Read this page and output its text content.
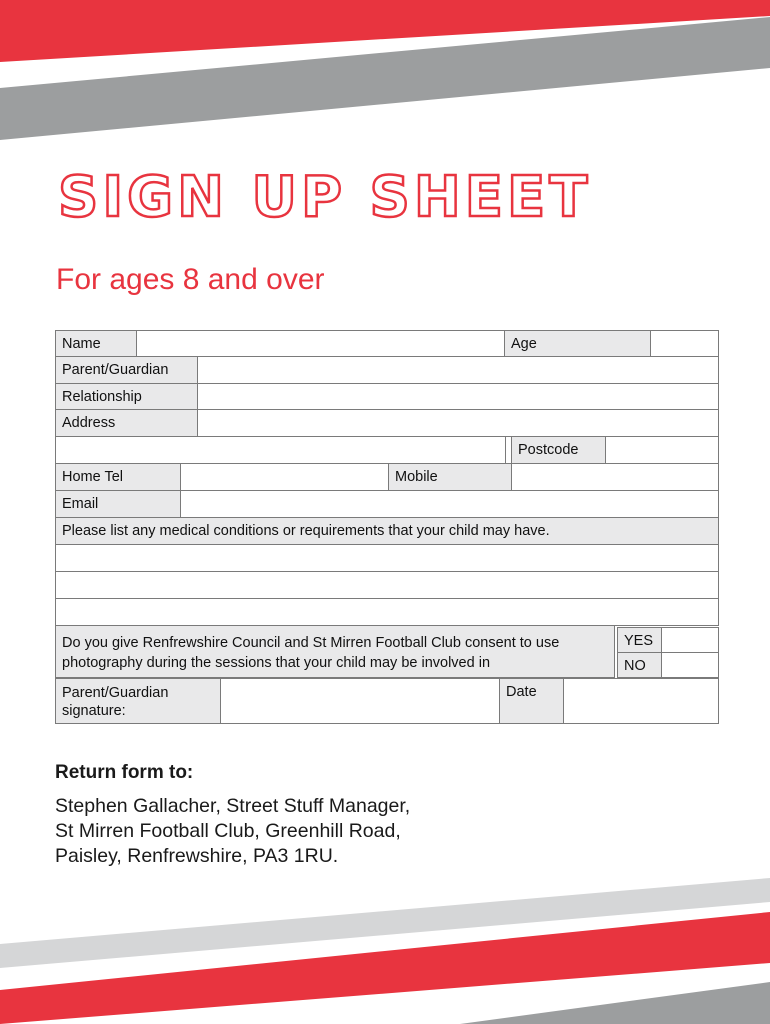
SIGN UP SHEET
For ages 8 and over
Name	Age
Parent/Guardian
Relationship
Address
Postcode
Home Tel	Mobile
Email
Please list any medical conditions or requirements that your child may have.
Do you give Renfrewshire Council and St Mirren Football Club consent to use photography during the sessions that your child may be involved in
YES
NO
Parent/Guardian signature:
Date
Return form to:
Stephen Gallacher, Street Stuff Manager,
St Mirren Football Club, Greenhill Road,
Paisley, Renfrewshire, PA3 1RU.
